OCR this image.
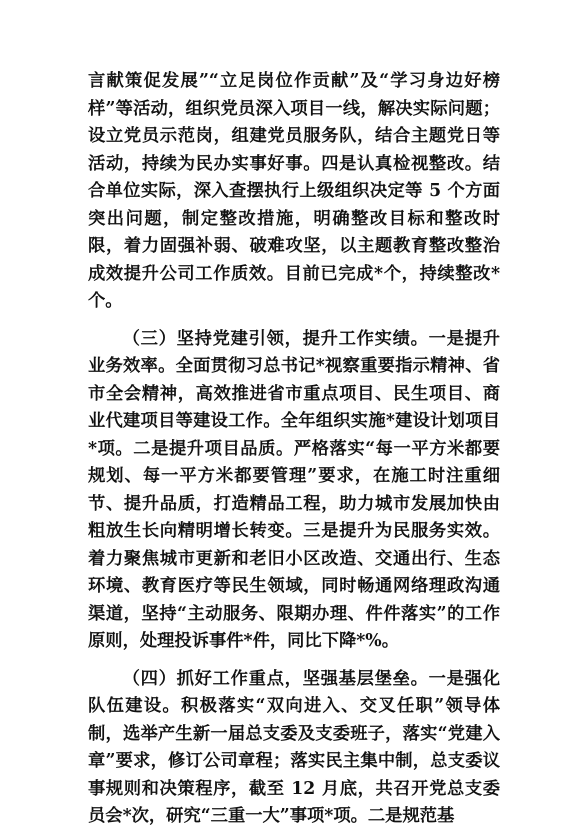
言献策促发展”“立足岗位作贡献”及“学习身边好榜样”等活动，组织党员深入项目一线，解决实际问题；设立党员示范岗，组建党员服务队，结合主题党日等活动，持续为民办实事好事。四是认真检视整改。结合单位实际，深入查摆执行上级组织决定等 5 个方面突出问题，制定整改措施，明确整改目标和整改时限，着力固强补弱、破难攻坚，以主题教育整改整治成效提升公司工作质效。目前已完成*个，持续整改*个。

（三）坚持党建引领，提升工作实绩。一是提升业务效率。全面贯彻习总书记*视察重要指示精神、省市全会精神，高效推进省市重点项目、民生项目、商业代建项目等建设工作。全年组织实施*建设计划项目*项。二是提升项目品质。严格落实“每一平方米都要规划、每一平方米都要管理”要求，在施工时注重细节、提升品质，打造精品工程，助力城市发展加快由粗放生长向精明增长转变。三是提升为民服务实效。着力聚焦城市更新和老旧小区改造、交通出行、生态环境、教育医疗等民生领域，同时畅通网络理政沟通渠道，坚持“主动服务、限期办理、件件落实”的工作原则，处理投诉事件*件，同比下降*%。

（四）抓好工作重点，坚强基层堡垒。一是强化队伍建设。积极落实“双向进入、交叉任职”领导体制，选举产生新一届总支委及支委班子，落实“党建入章”要求，修订公司章程；落实民主集中制，总支委议事规则和决策程序，截至 12 月底，共召开党总支委员会*次，研究“三重一大”事项*项。二是规范基
